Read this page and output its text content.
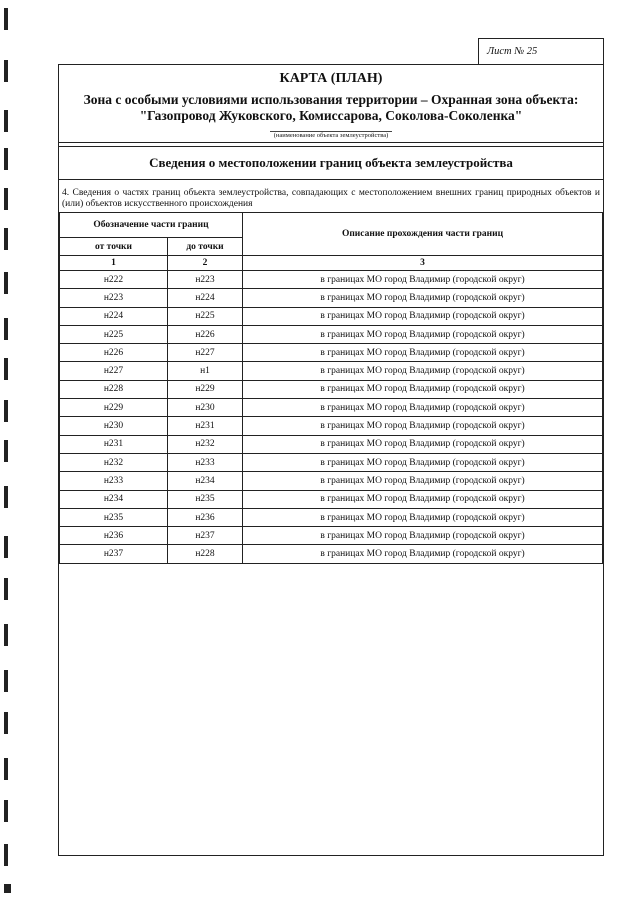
Лист № 25
КАРТА (ПЛАН)
Зона с особыми условиями использования территории – Охранная зона объекта:
"Газопровод Жуковского, Комиссарова, Соколова-Соколенка"
(наименование объекта землеустройства)
Сведения о местоположении границ объекта землеустройства
4. Сведения о частях границ объекта землеустройства, совпадающих с местоположением внешних границ природных объектов и (или) объектов искусственного происхождения
Обозначение части границ		Описание прохождения части границ
от точки	до точки	
1	2	3
н222	н223	в границах МО город Владимир (городской округ)
н223	н224	в границах МО город Владимир (городской округ)
н224	н225	в границах МО город Владимир (городской округ)
н225	н226	в границах МО город Владимир (городской округ)
н226	н227	в границах МО город Владимир (городской округ)
н227	н1	в границах МО город Владимир (городской округ)
н228	н229	в границах МО город Владимир (городской округ)
н229	н230	в границах МО город Владимир (городской округ)
н230	н231	в границах МО город Владимир (городской округ)
н231	н232	в границах МО город Владимир (городской округ)
н232	н233	в границах МО город Владимир (городской округ)
н233	н234	в границах МО город Владимир (городской округ)
н234	н235	в границах МО город Владимир (городской округ)
н235	н236	в границах МО город Владимир (городской округ)
н236	н237	в границах МО город Владимир (городской округ)
н237	н228	в границах МО город Владимир (городской округ)
